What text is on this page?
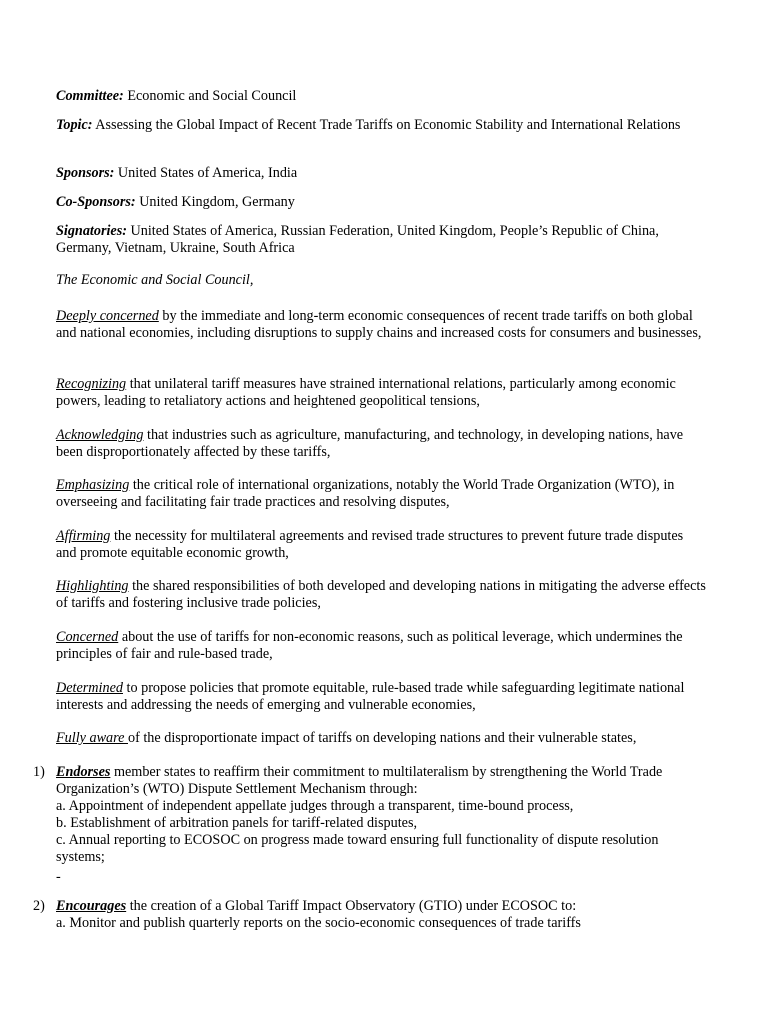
Committee: Economic and Social Council
Topic: Assessing the Global Impact of Recent Trade Tariffs on Economic Stability and International Relations
Sponsors: United States of America, India
Co-Sponsors: United Kingdom, Germany
Signatories: United States of America, Russian Federation, United Kingdom, People’s Republic of China, Germany, Vietnam, Ukraine, South Africa
The Economic and Social Council,
Deeply concerned by the immediate and long-term economic consequences of recent trade tariffs on both global and national economies, including disruptions to supply chains and increased costs for consumers and businesses,
Recognizing that unilateral tariff measures have strained international relations, particularly among economic powers, leading to retaliatory actions and heightened geopolitical tensions,
Acknowledging that industries such as agriculture, manufacturing, and technology, in developing nations, have been disproportionately affected by these tariffs,
Emphasizing the critical role of international organizations, notably the World Trade Organization (WTO), in overseeing and facilitating fair trade practices and resolving disputes,
Affirming the necessity for multilateral agreements and revised trade structures to prevent future trade disputes and promote equitable economic growth,
Highlighting the shared responsibilities of both developed and developing nations in mitigating the adverse effects of tariffs and fostering inclusive trade policies,
Concerned about the use of tariffs for non-economic reasons, such as political leverage, which undermines the principles of fair and rule-based trade,
Determined to propose policies that promote equitable, rule-based trade while safeguarding legitimate national interests and addressing the needs of emerging and vulnerable economies,
Fully aware of the disproportionate impact of tariffs on developing nations and their vulnerable states,
1) Endorses member states to reaffirm their commitment to multilateralism by strengthening the World Trade Organization’s (WTO) Dispute Settlement Mechanism through:
a. Appointment of independent appellate judges through a transparent, time-bound process,
b. Establishment of arbitration panels for tariff-related disputes,
c. Annual reporting to ECOSOC on progress made toward ensuring full functionality of dispute resolution systems;
-
2) Encourages the creation of a Global Tariff Impact Observatory (GTIO) under ECOSOC to:
a. Monitor and publish quarterly reports on the socio-economic consequences of trade tariffs
